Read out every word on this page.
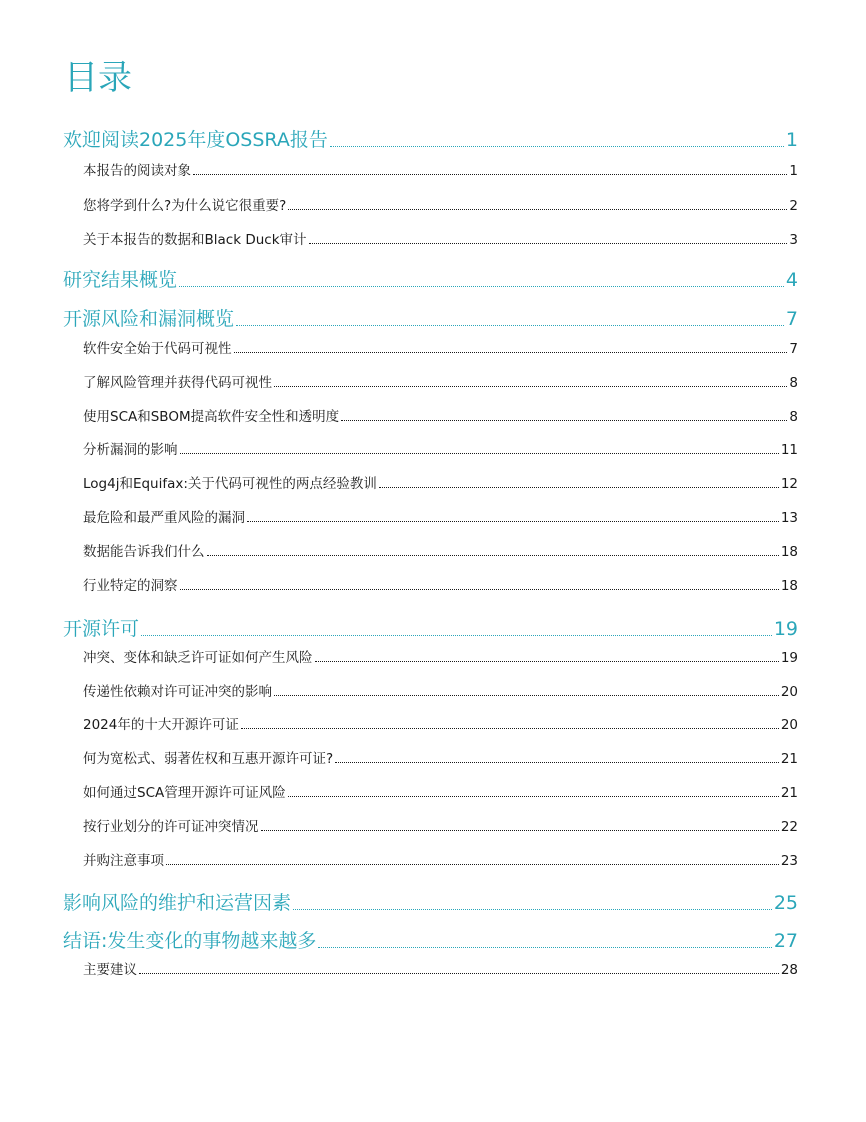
目录
欢迎阅读2025年度OSSRA报告	1
本报告的阅读对象	1
您将学到什么?为什么说它很重要?	2
关于本报告的数据和Black Duck审计	3
研究结果概览	4
开源风险和漏洞概览	7
软件安全始于代码可视性	7
了解风险管理并获得代码可视性	8
使用SCA和SBOM提高软件安全性和透明度	8
分析漏洞的影响	11
Log4j和Equifax:关于代码可视性的两点经验教训	12
最危险和最严重风险的漏洞	13
数据能告诉我们什么	18
行业特定的洞察	18
开源许可	19
冲突、变体和缺乏许可证如何产生风险	19
传递性依赖对许可证冲突的影响	20
2024年的十大开源许可证	20
何为宽松式、弱著佐权和互惠开源许可证?	21
如何通过SCA管理开源许可证风险	21
按行业划分的许可证冲突情况	22
并购注意事项	23
影响风险的维护和运营因素	25
结语:发生变化的事物越来越多	27
主要建议	28
